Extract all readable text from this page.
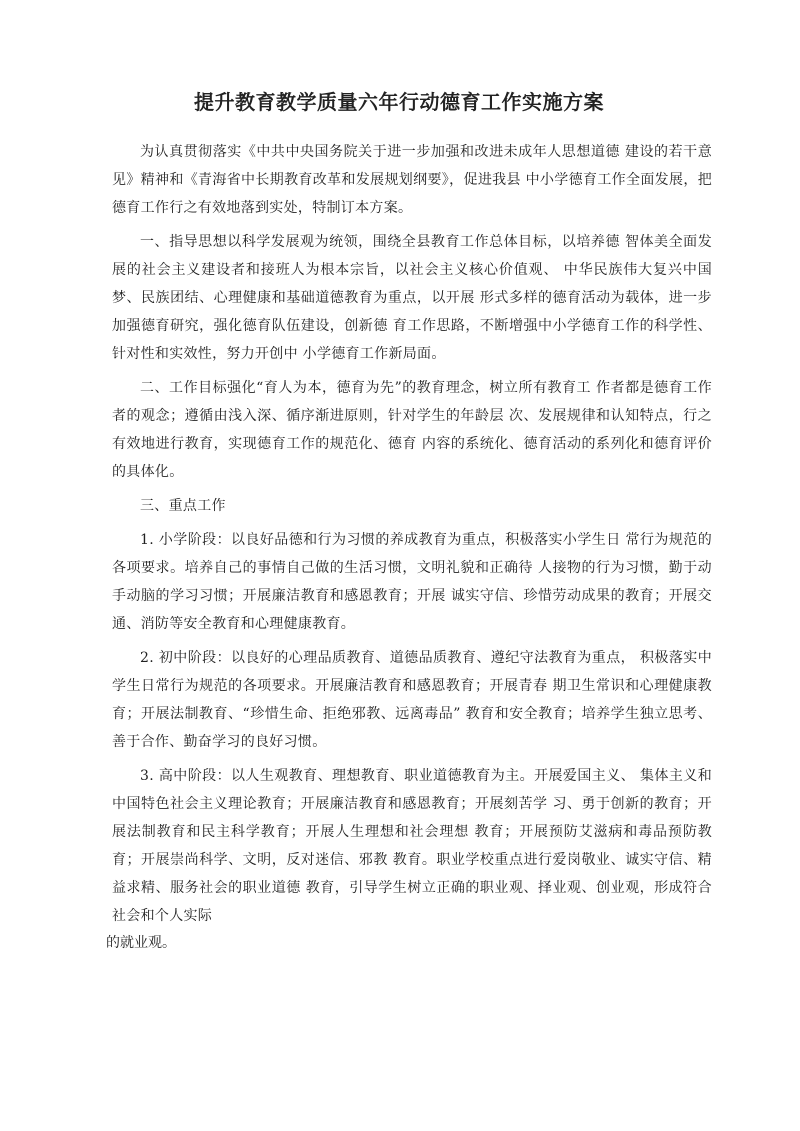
提升教育教学质量六年行动德育工作实施方案

为认真贯彻落实《中共中央国务院关于进一步加强和改进未成年人思想道德 建设的若干意见》精神和《青海省中长期教育改革和发展规划纲要》，促进我县 中小学德育工作全面发展，把德育工作行之有效地落到实处，特制订本方案。

一、指导思想以科学发展观为统领，围绕全县教育工作总体目标，以培养德 智体美全面发展的社会主义建设者和接班人为根本宗旨，以社会主义核心价值观、 中华民族伟大复兴中国梦、民族团结、心理健康和基础道德教育为重点，以开展 形式多样的德育活动为载体，进一步加强德育研究，强化德育队伍建设，创新德 育工作思路，不断增强中小学德育工作的科学性、针对性和实效性，努力开创中 小学德育工作新局面。

二、工作目标强化“育人为本，德育为先”的教育理念，树立所有教育工 作者都是德育工作者的观念；遵循由浅入深、循序渐进原则，针对学生的年龄层 次、发展规律和认知特点，行之有效地进行教育，实现德育工作的规范化、德育 内容的系统化、德育活动的系列化和德育评价的具体化。

三、重点工作

1. 小学阶段：以良好品德和行为习惯的养成教育为重点，积极落实小学生日 常行为规范的各项要求。培养自己的事情自己做的生活习惯，文明礼貌和正确待 人接物的行为习惯，勤于动手动脑的学习习惯；开展廉洁教育和感恩教育；开展 诚实守信、珍惜劳动成果的教育；开展交通、消防等安全教育和心理健康教育。

2. 初中阶段：以良好的心理品质教育、道德品质教育、遵纪守法教育为重点， 积极落实中学生日常行为规范的各项要求。开展廉洁教育和感恩教育；开展青春 期卫生常识和心理健康教育；开展法制教育、“珍惜生命、拒绝邪教、远离毒品” 教育和安全教育；培养学生独立思考、善于合作、勤奋学习的良好习惯。

3. 高中阶段：以人生观教育、理想教育、职业道德教育为主。开展爱国主义、 集体主义和中国特色社会主义理论教育；开展廉洁教育和感恩教育；开展刻苦学 习、勇于创新的教育；开展法制教育和民主科学教育；开展人生理想和社会理想 教育；开展预防艾滋病和毒品预防教育；开展崇尚科学、文明，反对迷信、邪教 教育。职业学校重点进行爱岗敬业、诚实守信、精益求精、服务社会的职业道德 教育，引导学生树立正确的职业观、择业观、创业观，形成符合社会和个人实际

的就业观。
